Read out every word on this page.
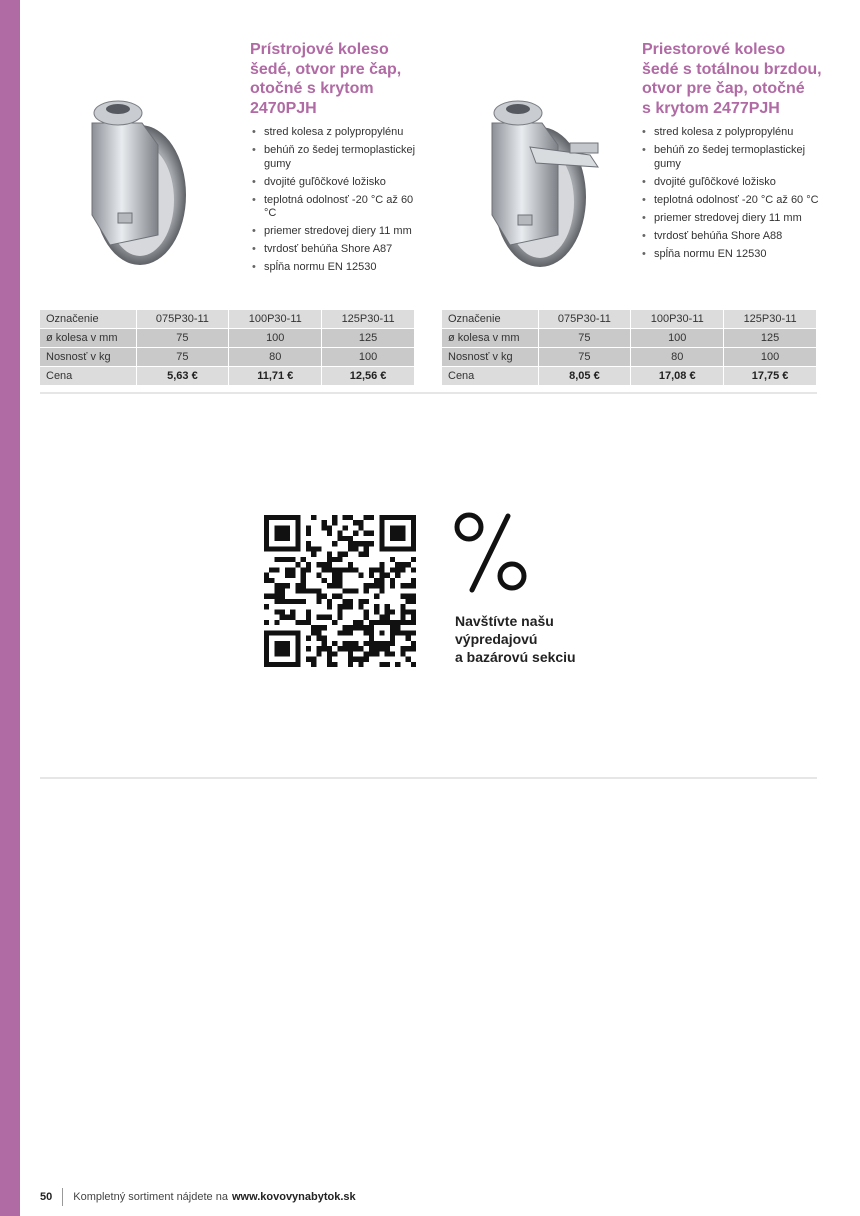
Prístrojové koleso
šedé, otvor pre čap,
otočné s krytom
2470PJH
• stred kolesa z polypropylénu
• behúň zo šedej termoplastickej gumy
• dvojité guľôčkové ložisko
• teplotná odolnosť -20 °C až 60 °C
• priemer stredovej diery 11 mm
• tvrdosť behúňa Shore A87
• spĺňa normu EN 12530
Označenie	075P30-11	100P30-11	125P30-11
ø kolesa v mm	75	100	125
Nosnosť v kg	75	80	100
Cena	5,63 €	11,71 €	12,56 €
Priestorové koleso
šedé s totálnou brzdou,
otvor pre čap, otočné
s krytom 2477PJH
• stred kolesa z polypropylénu
• behúň zo šedej termoplastickej gumy
• dvojité guľôčkové ložisko
• teplotná odolnosť -20 °C až 60 °C
• priemer stredovej diery 11 mm
• tvrdosť behúňa Shore A88
• spĺňa normu EN 12530
Označenie	075P30-11	100P30-11	125P30-11
ø kolesa v mm	75	100	125
Nosnosť v kg	75	80	100
Cena	8,05 €	17,08 €	17,75 €

Navštívte našu
výpredajovú
a bazárovú sekciu

50 Kompletný sortiment nájdete na www.kovovynabytok.sk
